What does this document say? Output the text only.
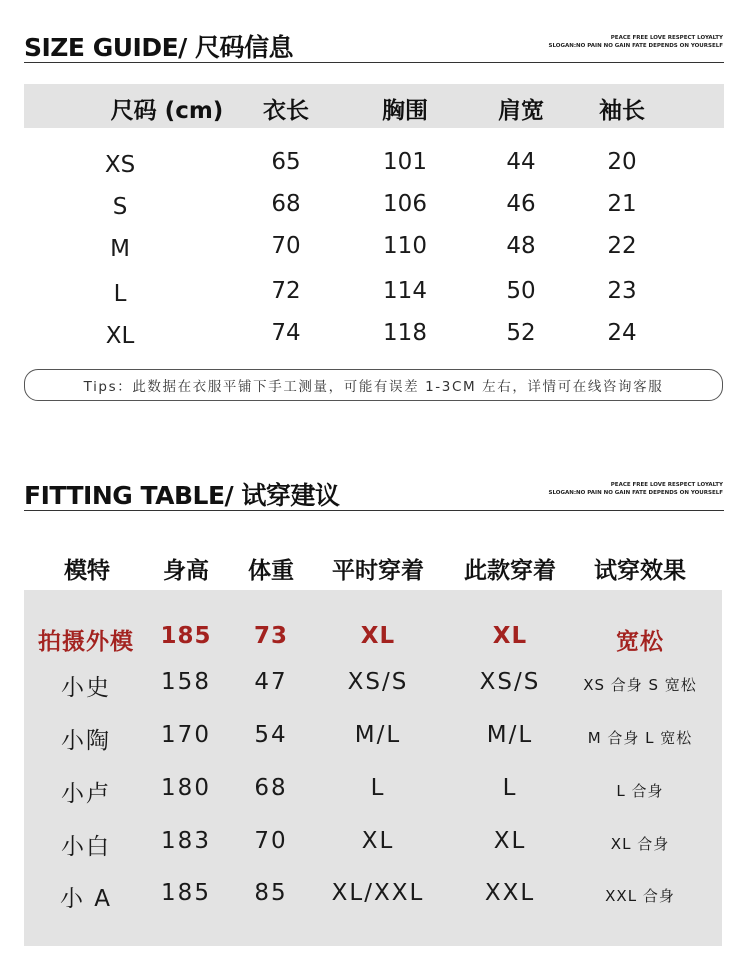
SIZE GUIDE/ 尺码信息	PEACE FREE LOVE RESPECT LOYALTY
SLOGAN:NO PAIN NO GAIN FATE DEPENDS ON YOURSELF
尺码 (cm)	衣长	胸围	肩宽	袖长
XS	65	101	44	20
S	68	106	46	21
M	70	110	48	22
L	72	114	50	23
XL	74	118	52	24
Tips：此数据在衣服平铺下手工测量，可能有误差 1-3CM 左右，详情可在线咨询客服
FITTING TABLE/ 试穿建议	PEACE FREE LOVE RESPECT LOYALTY
SLOGAN:NO PAIN NO GAIN FATE DEPENDS ON YOURSELF
模特	身高	体重	平时穿着	此款穿着	试穿效果
拍摄外模	185	73	XL	XL	宽松
小史	158	47	XS/S	XS/S	XS 合身 S 宽松
小陶	170	54	M/L	M/L	M 合身 L 宽松
小卢	180	68	L	L	L 合身
小白	183	70	XL	XL	XL 合身
小 A	185	85	XL/XXL	XXL	XXL 合身
